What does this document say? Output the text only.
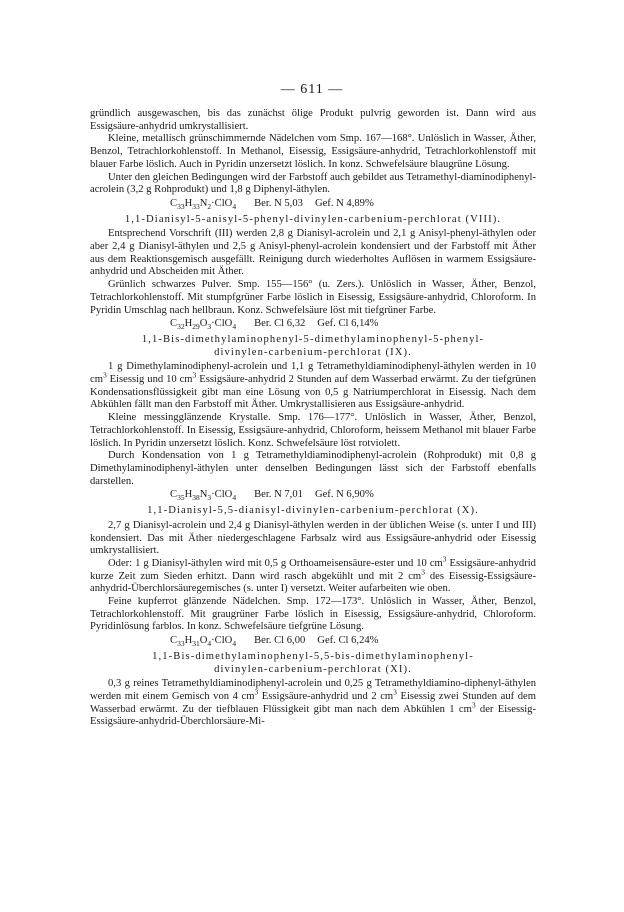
— 611 —

gründlich ausgewaschen, bis das zunächst ölige Produkt pulvrig geworden ist. Dann wird aus Essigsäure-anhydrid umkrystallisiert.

Kleine, metallisch grünschimmernde Nädelchen vom Smp. 167—168°. Unlöslich in Wasser, Äther, Benzol, Tetrachlorkohlenstoff. In Methanol, Eisessig, Essigsäure-anhydrid, Tetrachlorkohlenstoff mit blauer Farbe löslich. Auch in Pyridin unzersetzt löslich. In konz. Schwefelsäure blaugrüne Lösung.

Unter den gleichen Bedingungen wird der Farbstoff auch gebildet aus Tetramethyl-diaminodiphenyl-acrolein (3,2 g Rohprodukt) und 1,8 g Diphenyl-äthylen.

$C_{33}H_{33}N_2\cdot ClO_4$ Ber. N 5,03 Gef. N 4,89%

1,1-Dianisyl-5-anisyl-5-phenyl-divinylen-carbenium-perchlorat (VIII).

Entsprechend Vorschrift (III) werden 2,8 g Dianisyl-acrolein und 2,1 g Anisyl-phenyl-äthylen oder aber 2,4 g Dianisyl-äthylen und 2,5 g Anisyl-phenyl-acrolein kondensiert und der Farbstoff mit Äther aus dem Reaktionsgemisch ausgefällt. Reinigung durch wiederholtes Auflösen in warmem Essigsäure-anhydrid und Abscheiden mit Äther.

Grünlich schwarzes Pulver. Smp. 155—156° (u. Zers.). Unlöslich in Wasser, Äther, Benzol, Tetrachlorkohlenstoff. Mit stumpfgrüner Farbe löslich in Eisessig, Essigsäure-anhydrid, Chloroform. In Pyridin Umschlag nach hellbraun. Konz. Schwefelsäure löst mit tiefgrüner Farbe.

$C_{32}H_{29}O_3\cdot ClO_4$ Ber. Cl 6,32 Gef. Cl 6,14%

1,1-Bis-dimethylaminophenyl-5-dimethylaminophenyl-5-phenyl-
divinylen-carbenium-perchlorat (IX).

1 g Dimethylaminodiphenyl-acrolein und 1,1 g Tetramethyldiaminodiphenyl-äthylen werden in 10 $cm^3$ Eisessig und 10 $cm^3$ Essigsäure-anhydrid 2 Stunden auf dem Wasserbad erwärmt. Zu der tiefgrünen Kondensationsflüssigkeit gibt man eine Lösung von 0,5 g Natriumperchlorat in Eisessig. Nach dem Abkühlen fällt man den Farbstoff mit Äther. Umkrystallisieren aus Essigsäure-anhydrid.

Kleine messingglänzende Krystalle. Smp. 176—177°. Unlöslich in Wasser, Äther, Benzol, Tetrachlorkohlenstoff. In Eisessig, Essigsäure-anhydrid, Chloroform, heissem Methanol mit blauer Farbe löslich. In Pyridin unzersetzt löslich. Konz. Schwefelsäure löst rotviolett.

Durch Kondensation von 1 g Tetramethyldiaminodiphenyl-acrolein (Rohprodukt) mit 0,8 g Dimethylaminodiphenyl-äthylen unter denselben Bedingungen lässt sich der Farbstoff ebenfalls darstellen.

$C_{35}H_{38}N_3\cdot ClO_4$ Ber. N 7,01 Gef. N 6,90%

1,1-Dianisyl-5,5-dianisyl-divinylen-carbenium-perchlorat (X).

2,7 g Dianisyl-acrolein und 2,4 g Dianisyl-äthylen werden in der üblichen Weise (s. unter I und III) kondensiert. Das mit Äther niedergeschlagene Farbsalz wird aus Essigsäure-anhydrid oder Eisessig umkrystallisiert.

Oder: 1 g Dianisyl-äthylen wird mit 0,5 g Orthoameisensäure-ester und 10 $cm^3$ Essigsäure-anhydrid kurze Zeit zum Sieden erhitzt. Dann wird rasch abgekühlt und mit 2 $cm^3$ des Eisessig-Essigsäure-anhydrid-Überchlorsäuregemisches (s. unter I) versetzt. Weiter aufarbeiten wie oben.

Feine kupferrot glänzende Nädelchen. Smp. 172—173°. Unlöslich in Wasser, Äther, Benzol, Tetrachlorkohlenstoff. Mit graugrüner Farbe löslich in Eisessig, Essigsäure-anhydrid, Chloroform. Pyridinlösung farblos. In konz. Schwefelsäure tiefgrüne Lösung.

$C_{33}H_{31}O_4\cdot ClO_4$ Ber. Cl 6,00 Gef. Cl 6,24%

1,1-Bis-dimethylaminophenyl-5,5-bis-dimethylaminophenyl-
divinylen-carbenium-perchlorat (XI).

0,3 g reines Tetramethyldiaminodiphenyl-acrolein und 0,25 g Tetramethyldiamino-diphenyl-äthylen werden mit einem Gemisch von 4 $cm^3$ Essigsäure-anhydrid und 2 $cm^3$ Eisessig zwei Stunden auf dem Wasserbad erwärmt. Zu der tiefblauen Flüssigkeit gibt man nach dem Abkühlen 1 $cm^3$ der Eisessig-Essigsäure-anhydrid-Überchlorsäure-Mi-
